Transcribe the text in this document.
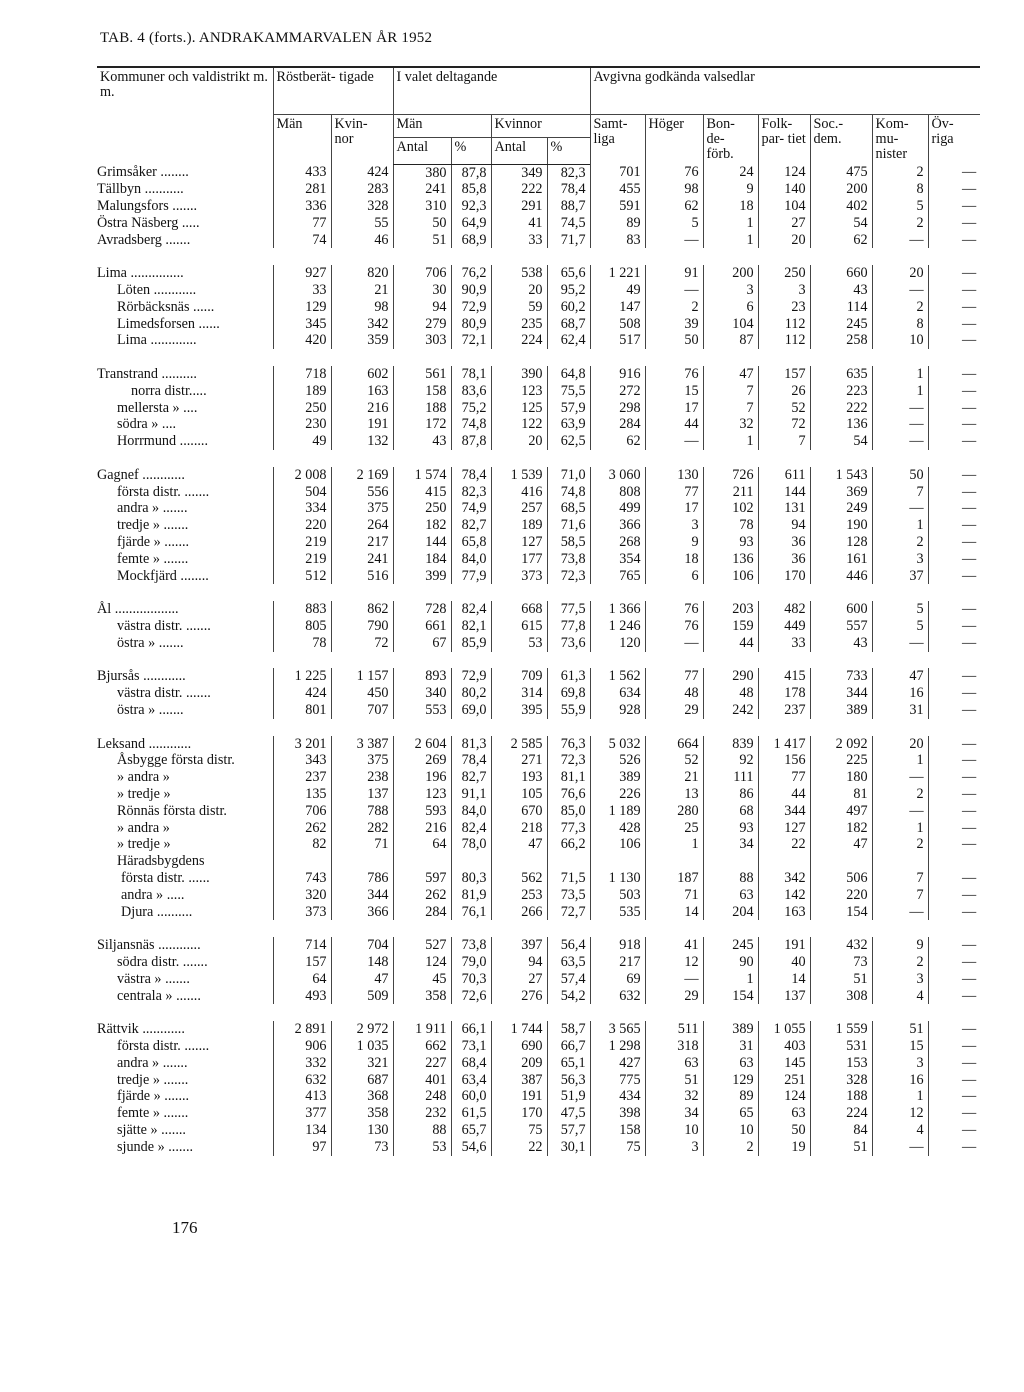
TAB. 4 (forts.). ANDRAKAMMARVALEN ÅR 1952
Kommuner och valdistrikt m. m.	Röstberät- tigade		I valet deltagande				Avgivna godkända valsedlar						
	Män	Kvin- nor	Män		Kvinnor		Samt- liga	Höger	Bon- de- förb.	Folk- par- tiet	Soc.- dem.	Kom- mu- nister	Öv- riga
			Antal	%	Antal	%							
Grimsåker ........	433	424	380	87,8	349	82,3	701	76	24	124	475	2	—
Tällbyn ...........	281	283	241	85,8	222	78,4	455	98	9	140	200	8	—
Malungsfors .......	336	328	310	92,3	291	88,7	591	62	18	104	402	5	—
Östra Näsberg .....	77	55	50	64,9	41	74,5	89	5	1	27	54	2	—
Avradsberg .......	74	46	51	68,9	33	71,7	83	—	1	20	62	—	—

Lima ...............	927	820	706	76,2	538	65,6	1 221	91	200	250	660	20	—
Löten ............	33	21	30	90,9	20	95,2	49	—	3	3	43	—	—
Rörbäcksnäs ......	129	98	94	72,9	59	60,2	147	2	6	23	114	2	—
Limedsforsen ......	345	342	279	80,9	235	68,7	508	39	104	112	245	8	—
Lima .............	420	359	303	72,1	224	62,4	517	50	87	112	258	10	—

Transtrand ..........	718	602	561	78,1	390	64,8	916	76	47	157	635	1	—
norra distr.....	189	163	158	83,6	123	75,5	272	15	7	26	223	1	—
mellersta » ....	250	216	188	75,2	125	57,9	298	17	7	52	222	—	—
södra » ....	230	191	172	74,8	122	63,9	284	44	32	72	136	—	—
Horrmund ........	49	132	43	87,8	20	62,5	62	—	1	7	54	—	—

Gagnef ............	2 008	2 169	1 574	78,4	1 539	71,0	3 060	130	726	611	1 543	50	—
första distr. .......	504	556	415	82,3	416	74,8	808	77	211	144	369	7	—
andra » .......	334	375	250	74,9	257	68,5	499	17	102	131	249	—	—
tredje » .......	220	264	182	82,7	189	71,6	366	3	78	94	190	1	—
fjärde » .......	219	217	144	65,8	127	58,5	268	9	93	36	128	2	—
femte » .......	219	241	184	84,0	177	73,8	354	18	136	36	161	3	—
Mockfjärd ........	512	516	399	77,9	373	72,3	765	6	106	170	446	37	—

Ål ..................	883	862	728	82,4	668	77,5	1 366	76	203	482	600	5	—
västra distr. .......	805	790	661	82,1	615	77,8	1 246	76	159	449	557	5	—
östra » .......	78	72	67	85,9	53	73,6	120	—	44	33	43	—	—

Bjursås ............	1 225	1 157	893	72,9	709	61,3	1 562	77	290	415	733	47	—
västra distr. .......	424	450	340	80,2	314	69,8	634	48	48	178	344	16	—
östra » .......	801	707	553	69,0	395	55,9	928	29	242	237	389	31	—

Leksand ............	3 201	3 387	2 604	81,3	2 585	76,3	5 032	664	839	1 417	2 092	20	—
Åsbygge första distr.	343	375	269	78,4	271	72,3	526	52	92	156	225	1	—
» andra »	237	238	196	82,7	193	81,1	389	21	111	77	180	—	—
» tredje »	135	137	123	91,1	105	76,6	226	13	86	44	81	2	—
Rönnäs första distr.	706	788	593	84,0	670	85,0	1 189	280	68	344	497	—	—
» andra »	262	282	216	82,4	218	77,3	428	25	93	127	182	1	—
» tredje »	82	71	64	78,0	47	66,2	106	1	34	22	47	2	—
Häradsbygdens													
första distr. ......	743	786	597	80,3	562	71,5	1 130	187	88	342	506	7	—
andra » .....	320	344	262	81,9	253	73,5	503	71	63	142	220	7	—
Djura ..........	373	366	284	76,1	266	72,7	535	14	204	163	154	—	—

Siljansnäs ............	714	704	527	73,8	397	56,4	918	41	245	191	432	9	—
södra distr. .......	157	148	124	79,0	94	63,5	217	12	90	40	73	2	—
västra » .......	64	47	45	70,3	27	57,4	69	—	1	14	51	3	—
centrala » .......	493	509	358	72,6	276	54,2	632	29	154	137	308	4	—

Rättvik ............	2 891	2 972	1 911	66,1	1 744	58,7	3 565	511	389	1 055	1 559	51	—
första distr. .......	906	1 035	662	73,1	690	66,7	1 298	318	31	403	531	15	—
andra » .......	332	321	227	68,4	209	65,1	427	63	63	145	153	3	—
tredje » .......	632	687	401	63,4	387	56,3	775	51	129	251	328	16	—
fjärde » .......	413	368	248	60,0	191	51,9	434	32	89	124	188	1	—
femte » .......	377	358	232	61,5	170	47,5	398	34	65	63	224	12	—
sjätte » .......	134	130	88	65,7	75	57,7	158	10	10	50	84	4	—
sjunde » .......	97	73	53	54,6	22	30,1	75	3	2	19	51	—	—
176
